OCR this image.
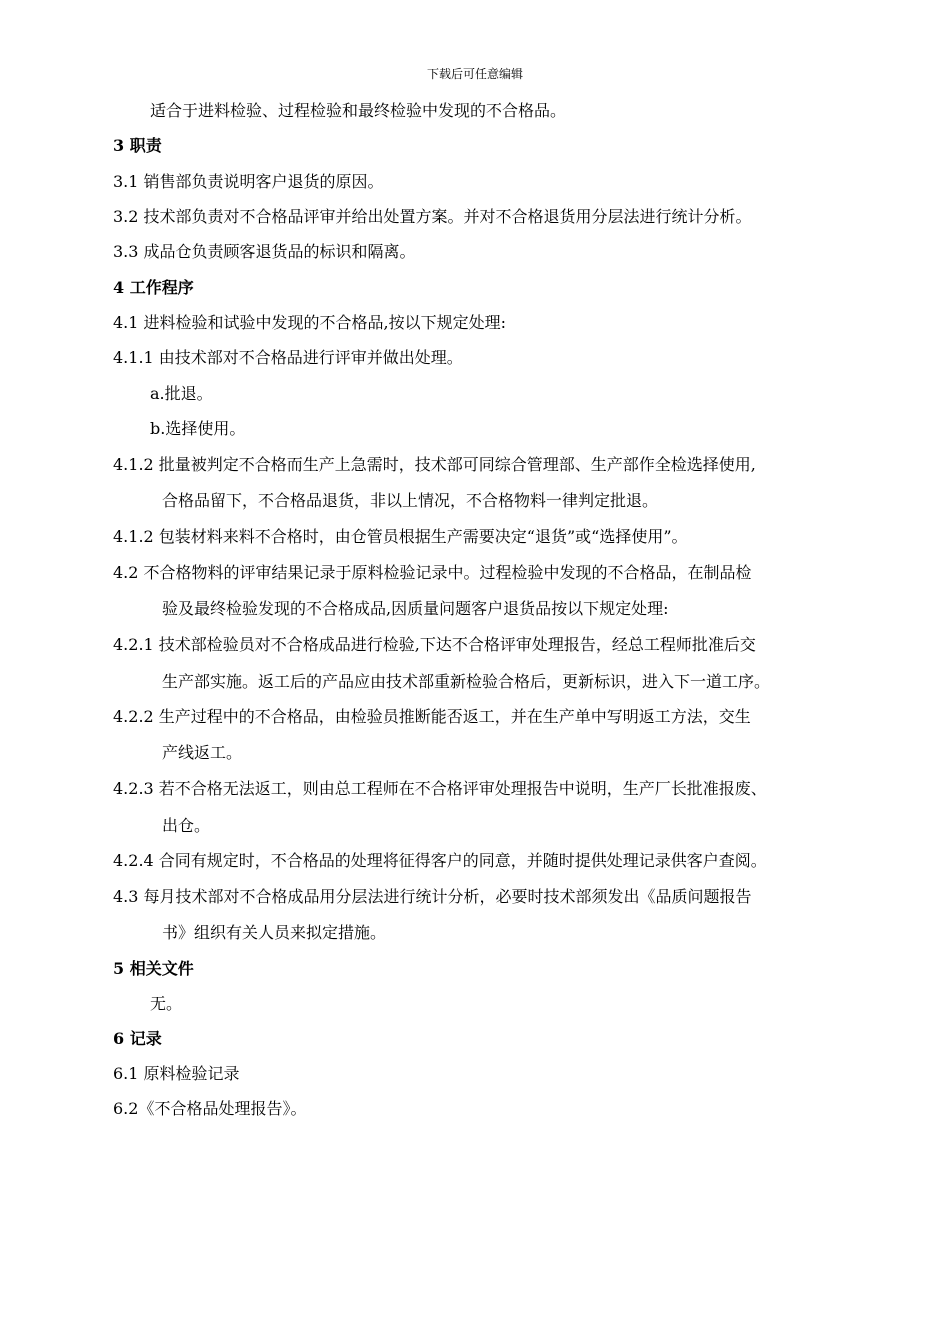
下载后可任意编辑
适合于进料检验、过程检验和最终检验中发现的不合格品。
3 职责
3.1 销售部负责说明客户退货的原因。
3.2 技术部负责对不合格品评审并给出处置方案。并对不合格退货用分层法进行统计分析。
3.3 成品仓负责顾客退货品的标识和隔离。
4 工作程序
4.1 进料检验和试验中发现的不合格品,按以下规定处理:
4.1.1 由技术部对不合格品进行评审并做出处理。
a.批退。
b.选择使用。
4.1.2 批量被判定不合格而生产上急需时，技术部可同综合管理部、生产部作全检选择使用,
合格品留下，不合格品退货，非以上情况，不合格物料一律判定批退。
4.1.2 包装材料来料不合格时，由仓管员根据生产需要决定“退货”或“选择使用”。
4.2 不合格物料的评审结果记录于原料检验记录中。过程检验中发现的不合格品，在制品检
验及最终检验发现的不合格成品,因质量问题客户退货品按以下规定处理:
4.2.1 技术部检验员对不合格成品进行检验,下达不合格评审处理报告，经总工程师批准后交
生产部实施。返工后的产品应由技术部重新检验合格后，更新标识，进入下一道工序。
4.2.2 生产过程中的不合格品，由检验员推断能否返工，并在生产单中写明返工方法，交生
产线返工。
4.2.3 若不合格无法返工，则由总工程师在不合格评审处理报告中说明，生产厂长批准报废、
出仓。
4.2.4 合同有规定时，不合格品的处理将征得客户的同意，并随时提供处理记录供客户查阅。
4.3 每月技术部对不合格成品用分层法进行统计分析，必要时技术部须发出《品质问题报告
书》组织有关人员来拟定措施。
5 相关文件
无。
6 记录
6.1 原料检验记录
6.2《不合格品处理报告》。
